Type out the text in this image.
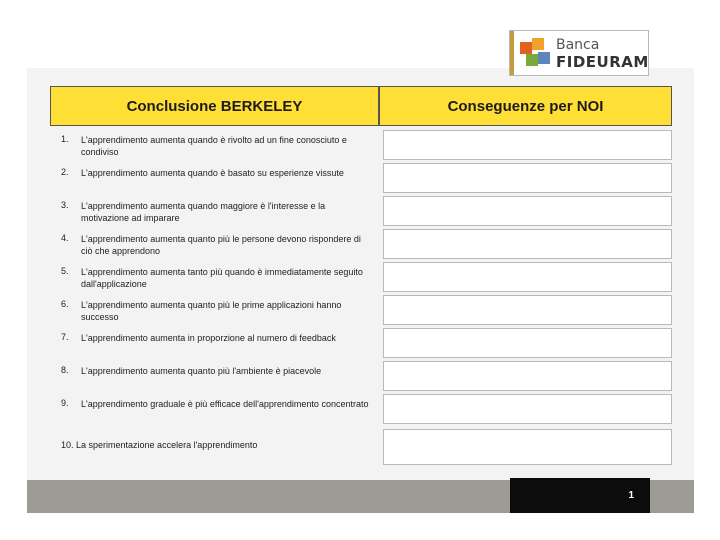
Banca
FIDEURAM
Conclusione BERKELEY	Conseguenze per NOI
1. L'apprendimento aumenta quando è rivolto ad un fine conosciuto e condiviso
2. L'apprendimento aumenta quando è basato su esperienze vissute
3. L'apprendimento aumenta quando maggiore è l'interesse e la motivazione ad imparare
4. L'apprendimento aumenta quanto più le persone devono rispondere di ciò che apprendono
5. L'apprendimento aumenta tanto più quando è immediatamente seguito dall'applicazione
6. L'apprendimento aumenta quanto più le prime applicazioni hanno successo
7. L'apprendimento aumenta in proporzione al numero di feedback
8. L'apprendimento aumenta quanto più l'ambiente è piacevole
9. L'apprendimento graduale è più efficace dell'apprendimento concentrato
10. La sperimentazione accelera l'apprendimento
1
